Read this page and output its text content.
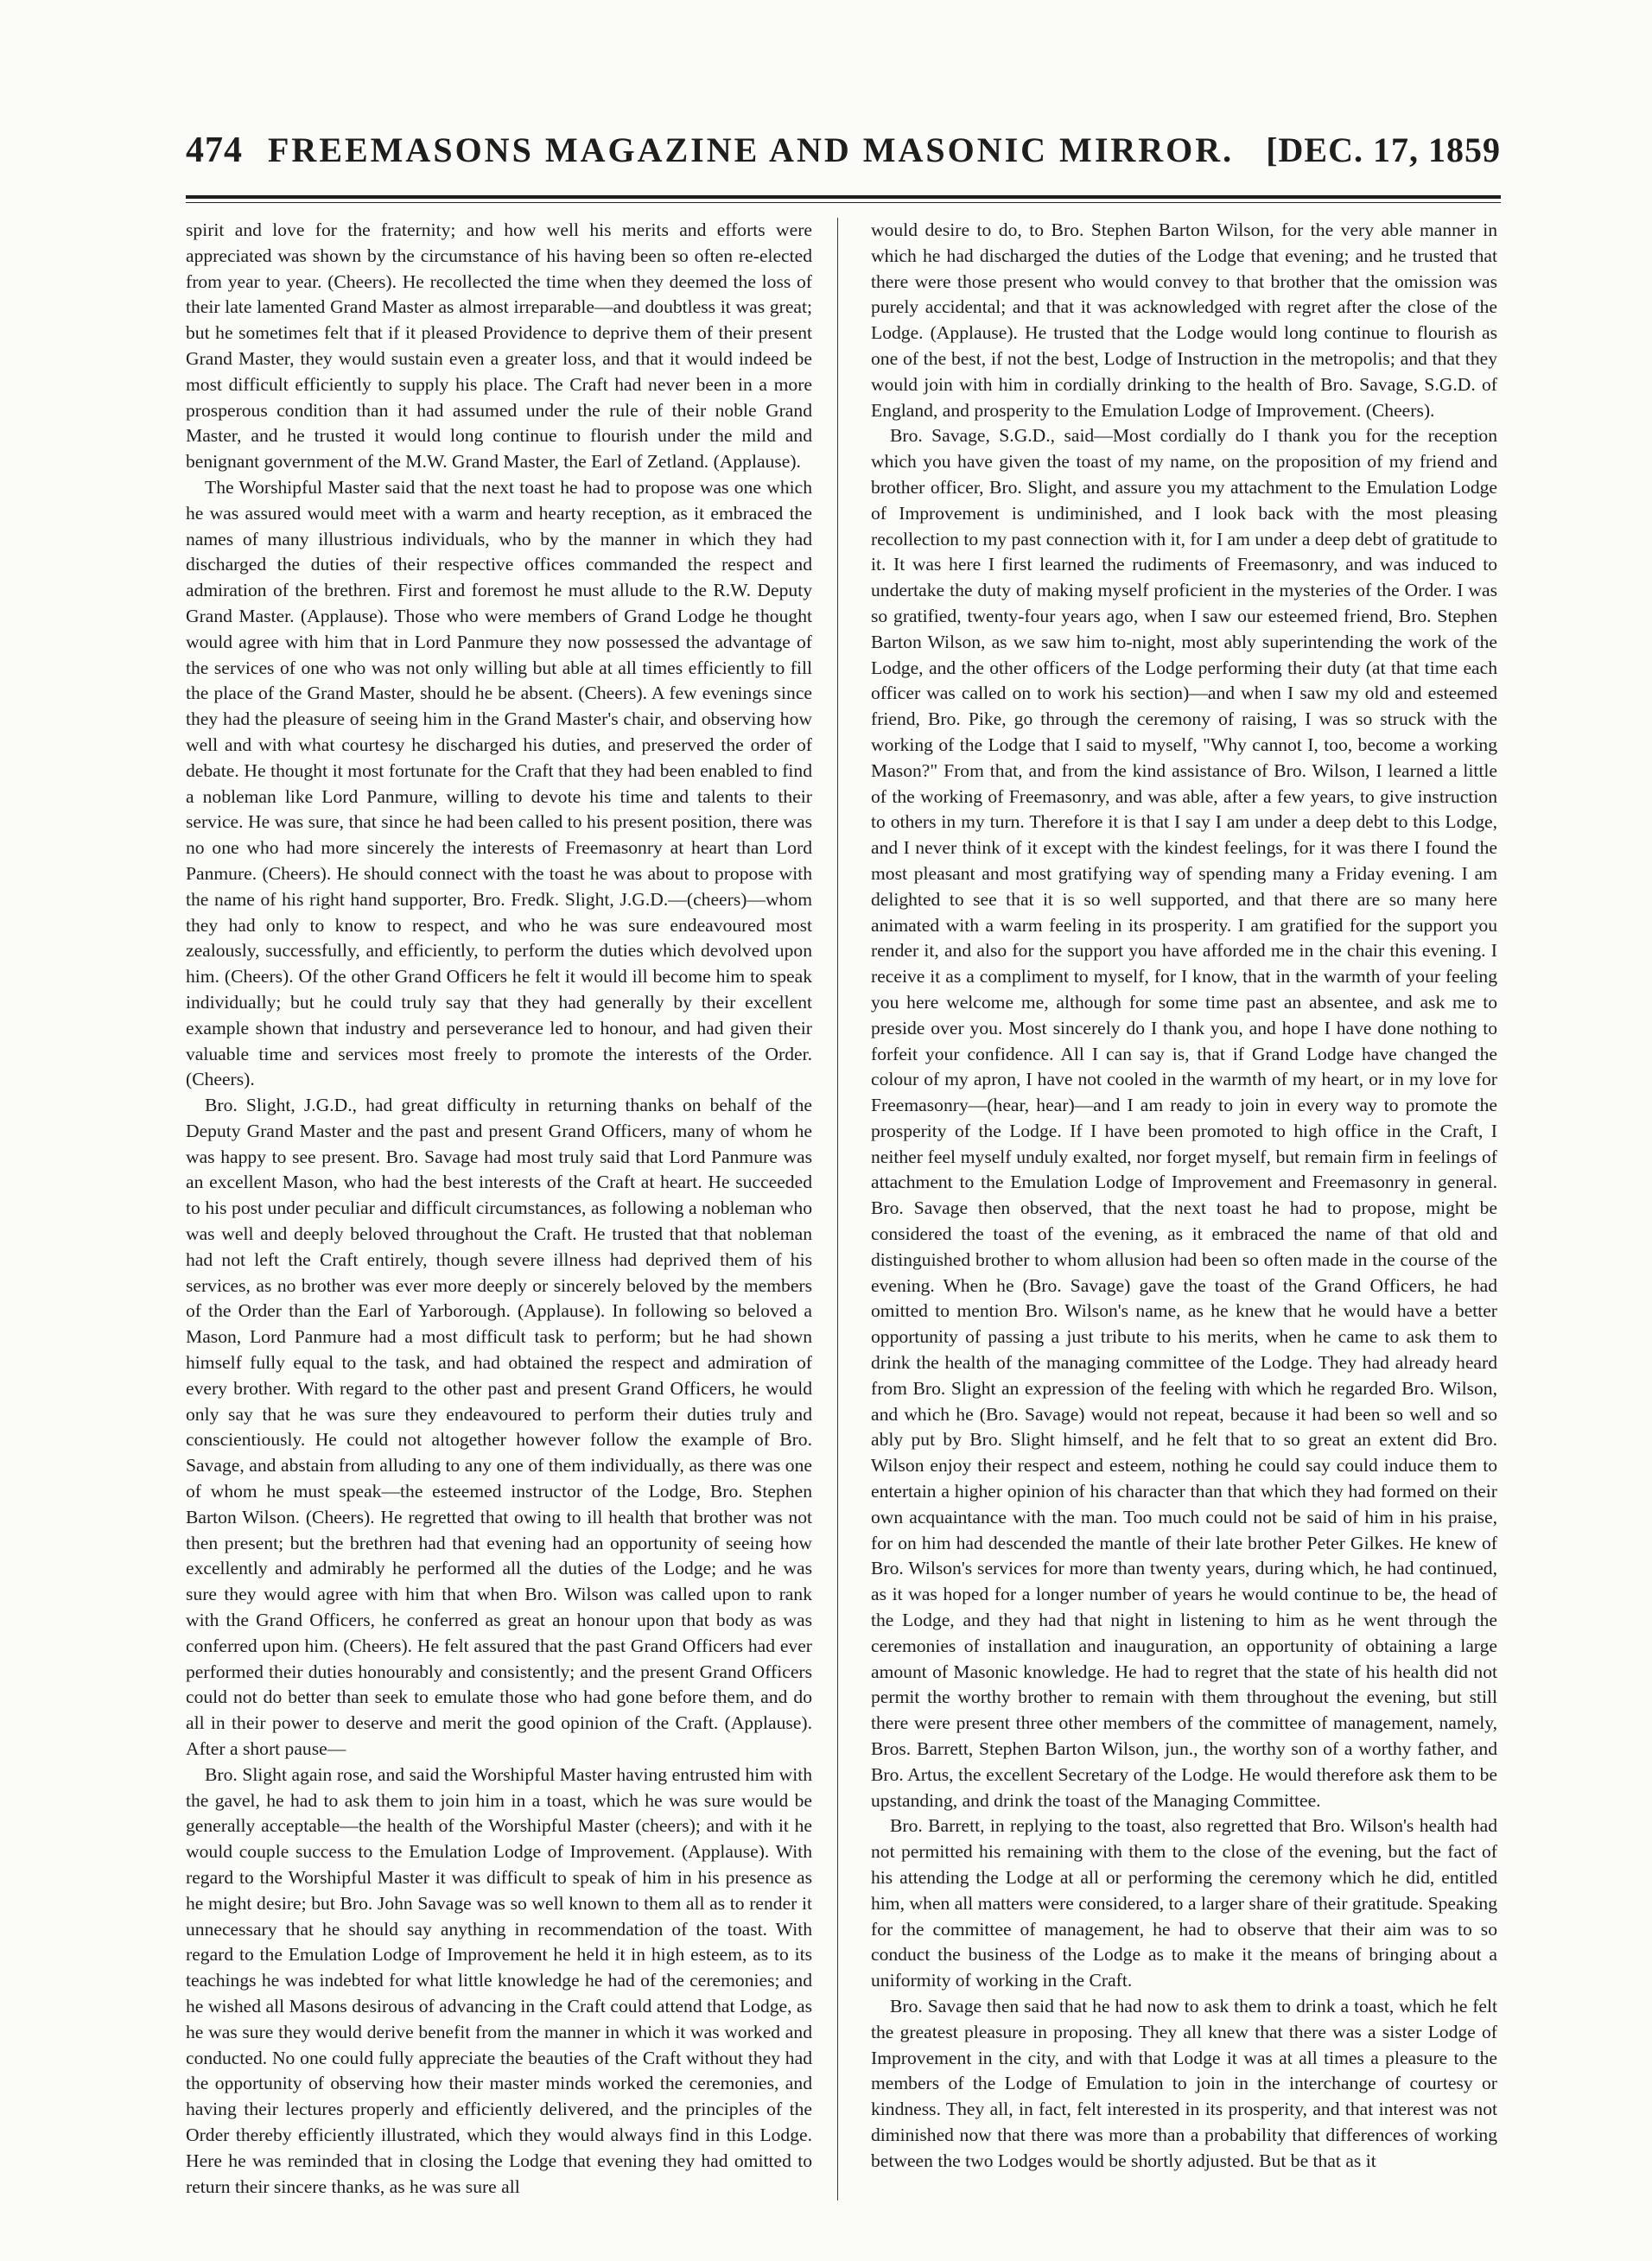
474 FREEMASONS MAGAZINE AND MASONIC MIRROR. [DEC. 17, 1859

spirit and love for the fraternity; and how well his merits and efforts were appreciated was shown by the circumstance of his having been so often re-elected from year to year. (Cheers). He recollected the time when they deemed the loss of their late lamented Grand Master as almost irreparable—and doubtless it was great; but he sometimes felt that if it pleased Providence to deprive them of their present Grand Master, they would sustain even a greater loss, and that it would indeed be most difficult efficiently to supply his place. The Craft had never been in a more prosperous condition than it had assumed under the rule of their noble Grand Master, and he trusted it would long continue to flourish under the mild and benignant government of the M.W. Grand Master, the Earl of Zetland. (Applause).

The Worshipful Master said that the next toast he had to propose was one which he was assured would meet with a warm and hearty reception, as it embraced the names of many illustrious individuals, who by the manner in which they had discharged the duties of their respective offices commanded the respect and admiration of the brethren. First and foremost he must allude to the R.W. Deputy Grand Master. (Applause). Those who were members of Grand Lodge he thought would agree with him that in Lord Panmure they now possessed the advantage of the services of one who was not only willing but able at all times efficiently to fill the place of the Grand Master, should he be absent. (Cheers). A few evenings since they had the pleasure of seeing him in the Grand Master's chair, and observing how well and with what courtesy he discharged his duties, and preserved the order of debate. He thought it most fortunate for the Craft that they had been enabled to find a nobleman like Lord Panmure, willing to devote his time and talents to their service. He was sure, that since he had been called to his present position, there was no one who had more sincerely the interests of Freemasonry at heart than Lord Panmure. (Cheers). He should connect with the toast he was about to propose with the name of his right hand supporter, Bro. Fredk. Slight, J.G.D.—(cheers)—whom they had only to know to respect, and who he was sure endeavoured most zealously, successfully, and efficiently, to perform the duties which devolved upon him. (Cheers). Of the other Grand Officers he felt it would ill become him to speak individually; but he could truly say that they had generally by their excellent example shown that industry and perseverance led to honour, and had given their valuable time and services most freely to promote the interests of the Order. (Cheers).

Bro. Slight, J.G.D., had great difficulty in returning thanks on behalf of the Deputy Grand Master and the past and present Grand Officers, many of whom he was happy to see present. Bro. Savage had most truly said that Lord Panmure was an excellent Mason, who had the best interests of the Craft at heart. He succeeded to his post under peculiar and difficult circumstances, as following a nobleman who was well and deeply beloved throughout the Craft. He trusted that that nobleman had not left the Craft entirely, though severe illness had deprived them of his services, as no brother was ever more deeply or sincerely beloved by the members of the Order than the Earl of Yarborough. (Applause). In following so beloved a Mason, Lord Panmure had a most difficult task to perform; but he had shown himself fully equal to the task, and had obtained the respect and admiration of every brother. With regard to the other past and present Grand Officers, he would only say that he was sure they endeavoured to perform their duties truly and conscientiously. He could not altogether however follow the example of Bro. Savage, and abstain from alluding to any one of them individually, as there was one of whom he must speak—the esteemed instructor of the Lodge, Bro. Stephen Barton Wilson. (Cheers). He regretted that owing to ill health that brother was not then present; but the brethren had that evening had an opportunity of seeing how excellently and admirably he performed all the duties of the Lodge; and he was sure they would agree with him that when Bro. Wilson was called upon to rank with the Grand Officers, he conferred as great an honour upon that body as was conferred upon him. (Cheers). He felt assured that the past Grand Officers had ever performed their duties honourably and consistently; and the present Grand Officers could not do better than seek to emulate those who had gone before them, and do all in their power to deserve and merit the good opinion of the Craft. (Applause). After a short pause—

Bro. Slight again rose, and said the Worshipful Master having entrusted him with the gavel, he had to ask them to join him in a toast, which he was sure would be generally acceptable—the health of the Worshipful Master (cheers); and with it he would couple success to the Emulation Lodge of Improvement. (Applause). With regard to the Worshipful Master it was difficult to speak of him in his presence as he might desire; but Bro. John Savage was so well known to them all as to render it unnecessary that he should say anything in recommendation of the toast. With regard to the Emulation Lodge of Improvement he held it in high esteem, as to its teachings he was indebted for what little knowledge he had of the ceremonies; and he wished all Masons desirous of advancing in the Craft could attend that Lodge, as he was sure they would derive benefit from the manner in which it was worked and conducted. No one could fully appreciate the beauties of the Craft without they had the opportunity of observing how their master minds worked the ceremonies, and having their lectures properly and efficiently delivered, and the principles of the Order thereby efficiently illustrated, which they would always find in this Lodge. Here he was reminded that in closing the Lodge that evening they had omitted to return their sincere thanks, as he was sure all

would desire to do, to Bro. Stephen Barton Wilson, for the very able manner in which he had discharged the duties of the Lodge that evening; and he trusted that there were those present who would convey to that brother that the omission was purely accidental; and that it was acknowledged with regret after the close of the Lodge. (Applause). He trusted that the Lodge would long continue to flourish as one of the best, if not the best, Lodge of Instruction in the metropolis; and that they would join with him in cordially drinking to the health of Bro. Savage, S.G.D. of England, and prosperity to the Emulation Lodge of Improvement. (Cheers).

Bro. Savage, S.G.D., said—Most cordially do I thank you for the reception which you have given the toast of my name, on the proposition of my friend and brother officer, Bro. Slight, and assure you my attachment to the Emulation Lodge of Improvement is undiminished, and I look back with the most pleasing recollection to my past connection with it, for I am under a deep debt of gratitude to it. It was here I first learned the rudiments of Freemasonry, and was induced to undertake the duty of making myself proficient in the mysteries of the Order. I was so gratified, twenty-four years ago, when I saw our esteemed friend, Bro. Stephen Barton Wilson, as we saw him to-night, most ably superintending the work of the Lodge, and the other officers of the Lodge performing their duty (at that time each officer was called on to work his section)—and when I saw my old and esteemed friend, Bro. Pike, go through the ceremony of raising, I was so struck with the working of the Lodge that I said to myself, "Why cannot I, too, become a working Mason?" From that, and from the kind assistance of Bro. Wilson, I learned a little of the working of Freemasonry, and was able, after a few years, to give instruction to others in my turn. Therefore it is that I say I am under a deep debt to this Lodge, and I never think of it except with the kindest feelings, for it was there I found the most pleasant and most gratifying way of spending many a Friday evening. I am delighted to see that it is so well supported, and that there are so many here animated with a warm feeling in its prosperity. I am gratified for the support you render it, and also for the support you have afforded me in the chair this evening. I receive it as a compliment to myself, for I know, that in the warmth of your feeling you here welcome me, although for some time past an absentee, and ask me to preside over you. Most sincerely do I thank you, and hope I have done nothing to forfeit your confidence. All I can say is, that if Grand Lodge have changed the colour of my apron, I have not cooled in the warmth of my heart, or in my love for Freemasonry—(hear, hear)—and I am ready to join in every way to promote the prosperity of the Lodge. If I have been promoted to high office in the Craft, I neither feel myself unduly exalted, nor forget myself, but remain firm in feelings of attachment to the Emulation Lodge of Improvement and Freemasonry in general. Bro. Savage then observed, that the next toast he had to propose, might be considered the toast of the evening, as it embraced the name of that old and distinguished brother to whom allusion had been so often made in the course of the evening. When he (Bro. Savage) gave the toast of the Grand Officers, he had omitted to mention Bro. Wilson's name, as he knew that he would have a better opportunity of passing a just tribute to his merits, when he came to ask them to drink the health of the managing committee of the Lodge. They had already heard from Bro. Slight an expression of the feeling with which he regarded Bro. Wilson, and which he (Bro. Savage) would not repeat, because it had been so well and so ably put by Bro. Slight himself, and he felt that to so great an extent did Bro. Wilson enjoy their respect and esteem, nothing he could say could induce them to entertain a higher opinion of his character than that which they had formed on their own acquaintance with the man. Too much could not be said of him in his praise, for on him had descended the mantle of their late brother Peter Gilkes. He knew of Bro. Wilson's services for more than twenty years, during which, he had continued, as it was hoped for a longer number of years he would continue to be, the head of the Lodge, and they had that night in listening to him as he went through the ceremonies of installation and inauguration, an opportunity of obtaining a large amount of Masonic knowledge. He had to regret that the state of his health did not permit the worthy brother to remain with them throughout the evening, but still there were present three other members of the committee of management, namely, Bros. Barrett, Stephen Barton Wilson, jun., the worthy son of a worthy father, and Bro. Artus, the excellent Secretary of the Lodge. He would therefore ask them to be upstanding, and drink the toast of the Managing Committee.

Bro. Barrett, in replying to the toast, also regretted that Bro. Wilson's health had not permitted his remaining with them to the close of the evening, but the fact of his attending the Lodge at all or performing the ceremony which he did, entitled him, when all matters were considered, to a larger share of their gratitude. Speaking for the committee of management, he had to observe that their aim was to so conduct the business of the Lodge as to make it the means of bringing about a uniformity of working in the Craft.

Bro. Savage then said that he had now to ask them to drink a toast, which he felt the greatest pleasure in proposing. They all knew that there was a sister Lodge of Improvement in the city, and with that Lodge it was at all times a pleasure to the members of the Lodge of Emulation to join in the interchange of courtesy or kindness. They all, in fact, felt interested in its prosperity, and that interest was not diminished now that there was more than a probability that differences of working between the two Lodges would be shortly adjusted. But be that as it
